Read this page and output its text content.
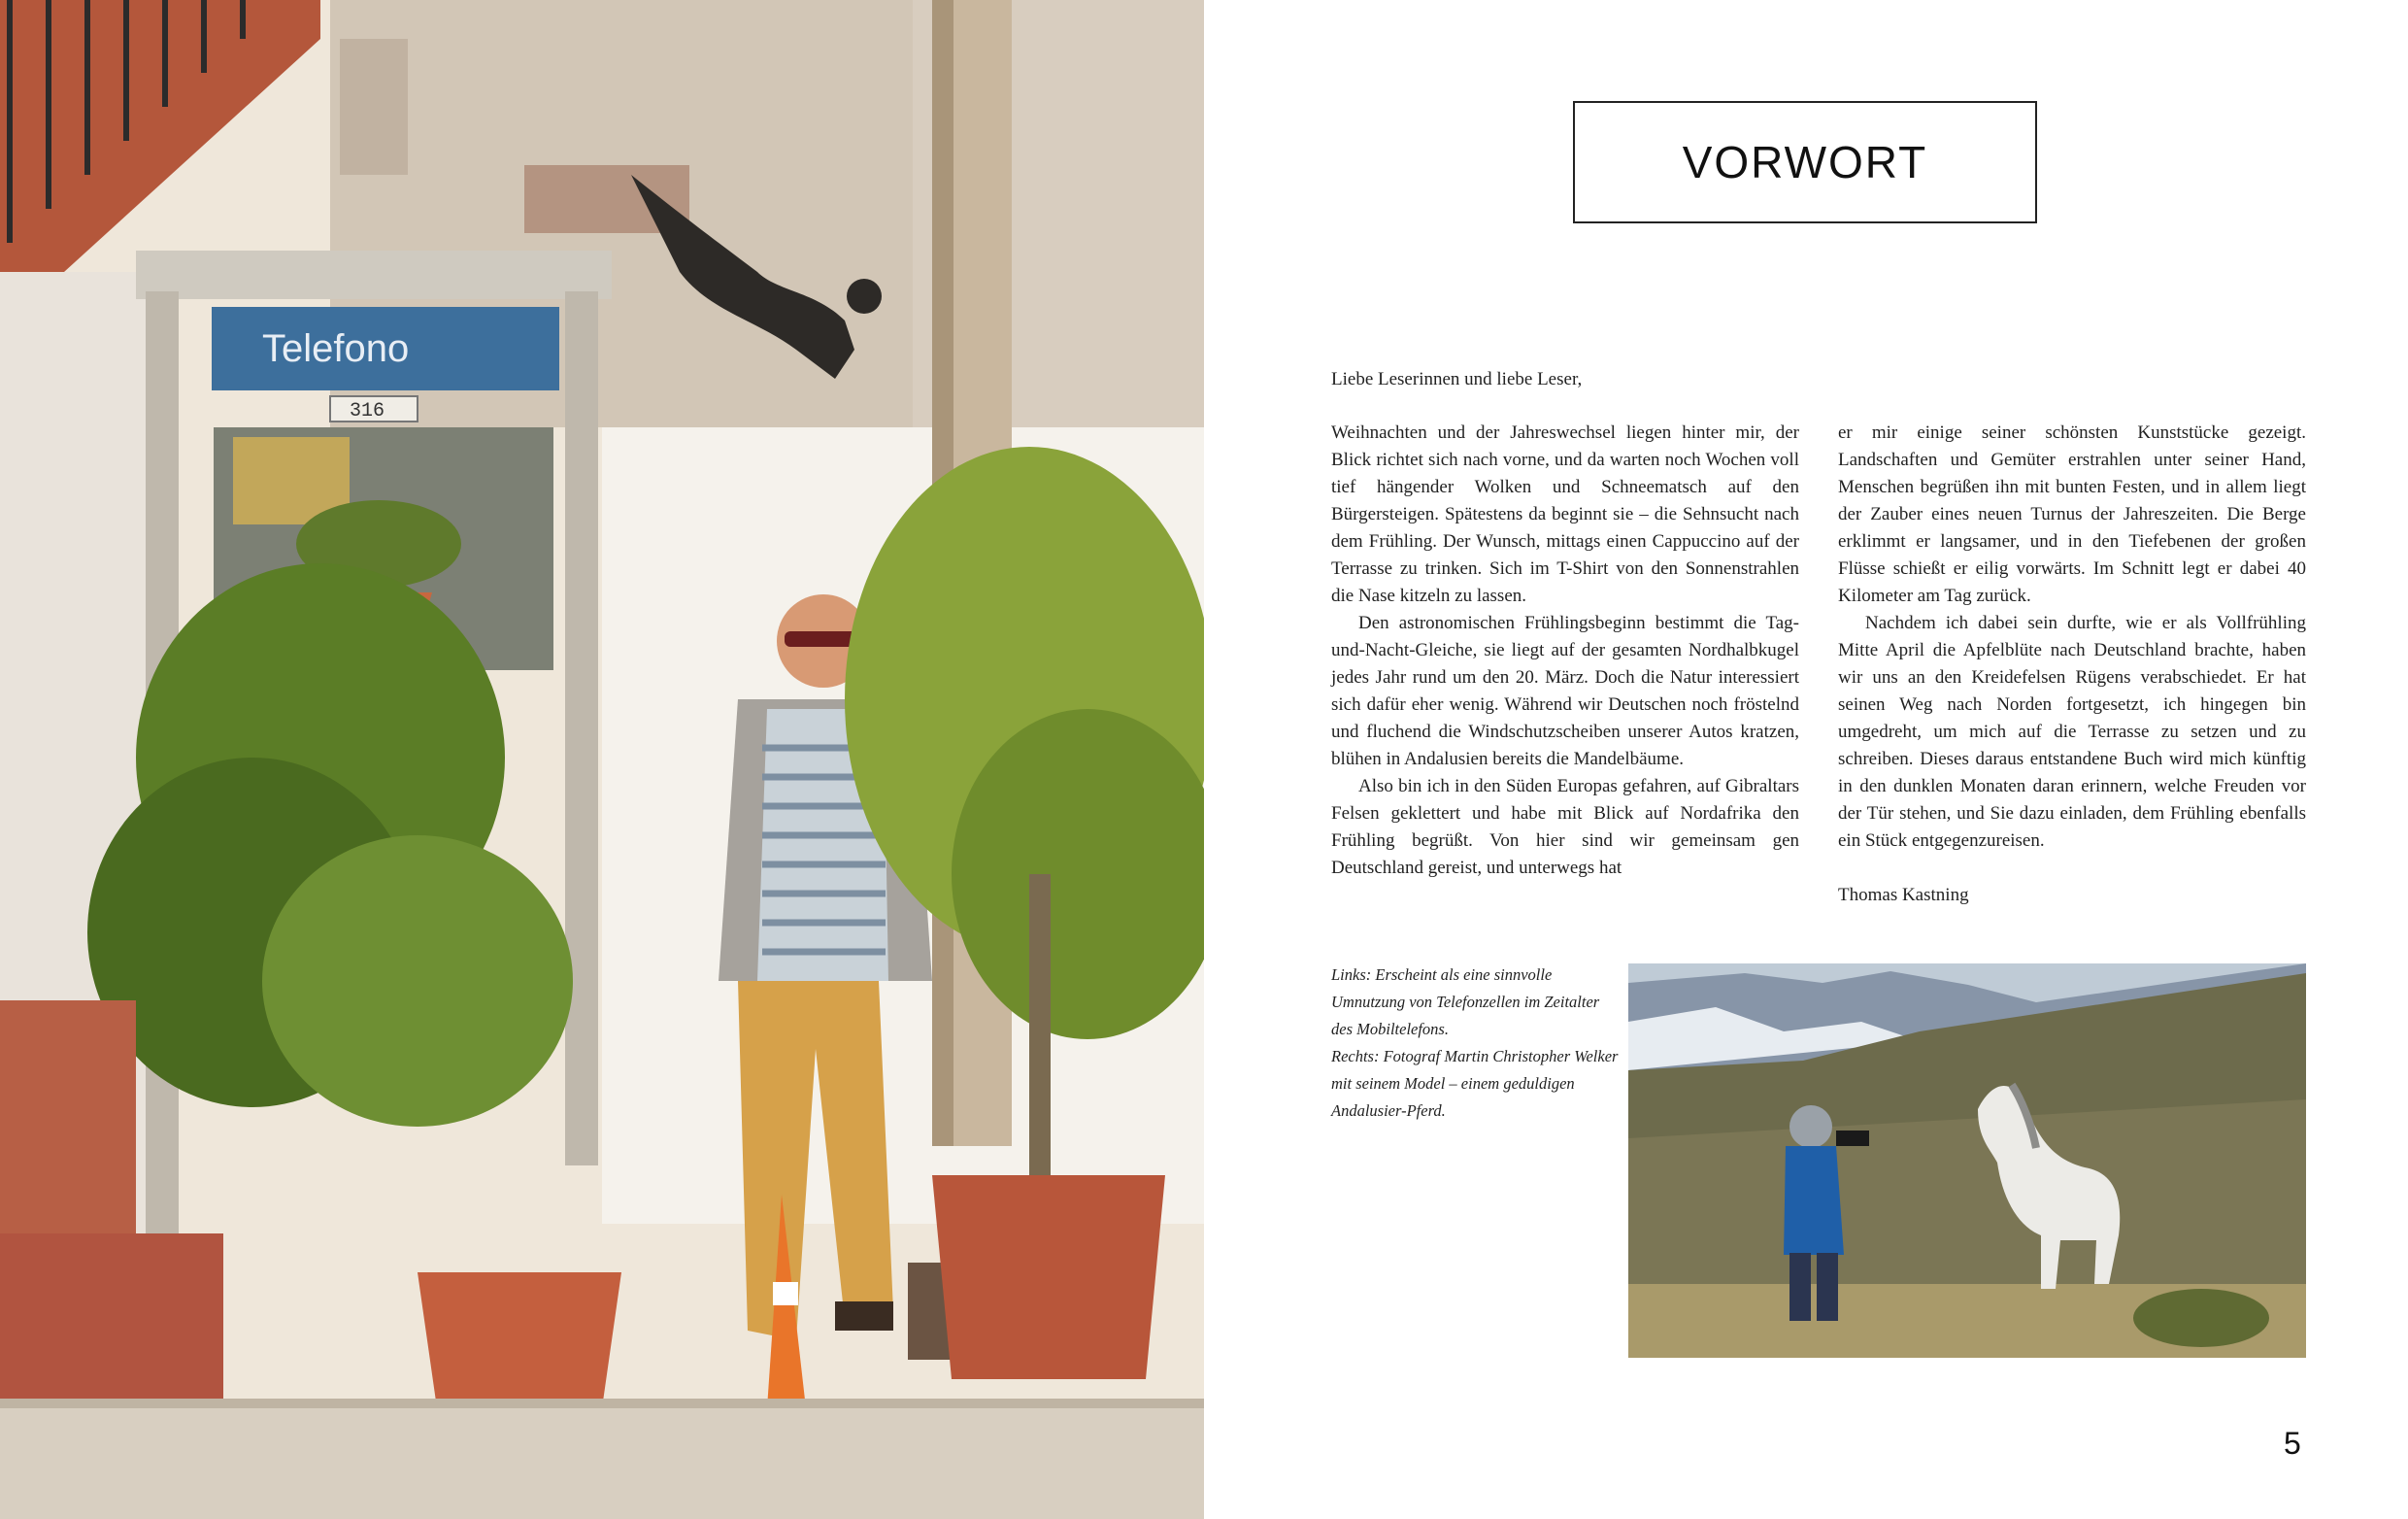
Telefono
316
VORWORT
Liebe Leserinnen und liebe Leser,

Weihnachten und der Jahreswechsel liegen hinter mir, der Blick richtet sich nach vorne, und da warten noch Wochen voll tief hängender Wolken und Schneematsch auf den Bürgersteigen. Spätestens da beginnt sie – die Sehnsucht nach dem Frühling. Der Wunsch, mittags einen Cappuccino auf der Terrasse zu trinken. Sich im T-Shirt von den Sonnenstrahlen die Nase kitzeln zu lassen.

Den astronomischen Frühlingsbeginn bestimmt die Tag-und-Nacht-Gleiche, sie liegt auf der gesamten Nordhalbkugel jedes Jahr rund um den 20. März. Doch die Natur interessiert sich dafür eher wenig. Während wir Deutschen noch fröstelnd und fluchend die Windschutzscheiben unserer Autos kratzen, blühen in Andalusien bereits die Mandelbäume.

Also bin ich in den Süden Europas gefahren, auf Gibraltars Felsen geklettert und habe mit Blick auf Nordafrika den Frühling begrüßt. Von hier sind wir gemeinsam gen Deutschland gereist, und unterwegs hat

er mir einige seiner schönsten Kunststücke gezeigt. Landschaften und Gemüter erstrahlen unter seiner Hand, Menschen begrüßen ihn mit bunten Festen, und in allem liegt der Zauber eines neuen Turnus der Jahreszeiten. Die Berge erklimmt er langsamer, und in den Tiefebenen der großen Flüsse schießt er eilig vorwärts. Im Schnitt legt er dabei 40 Kilometer am Tag zurück.

Nachdem ich dabei sein durfte, wie er als Vollfrühling Mitte April die Apfelblüte nach Deutschland brachte, haben wir uns an den Kreidefelsen Rügens verabschiedet. Er hat seinen Weg nach Norden fortgesetzt, ich hingegen bin umgedreht, um mich auf die Terrasse zu setzen und zu schreiben. Dieses daraus entstandene Buch wird mich künftig in den dunklen Monaten daran erinnern, welche Freuden vor der Tür stehen, und Sie dazu einladen, dem Frühling ebenfalls ein Stück entgegenzureisen.

Thomas Kastning

Links: Erscheint als eine sinnvolle Umnutzung von Telefonzellen im Zeitalter des Mobiltelefons.

Rechts: Fotograf Martin Christopher Welker mit seinem Model – einem geduldigen Andalusier-Pferd.

5
